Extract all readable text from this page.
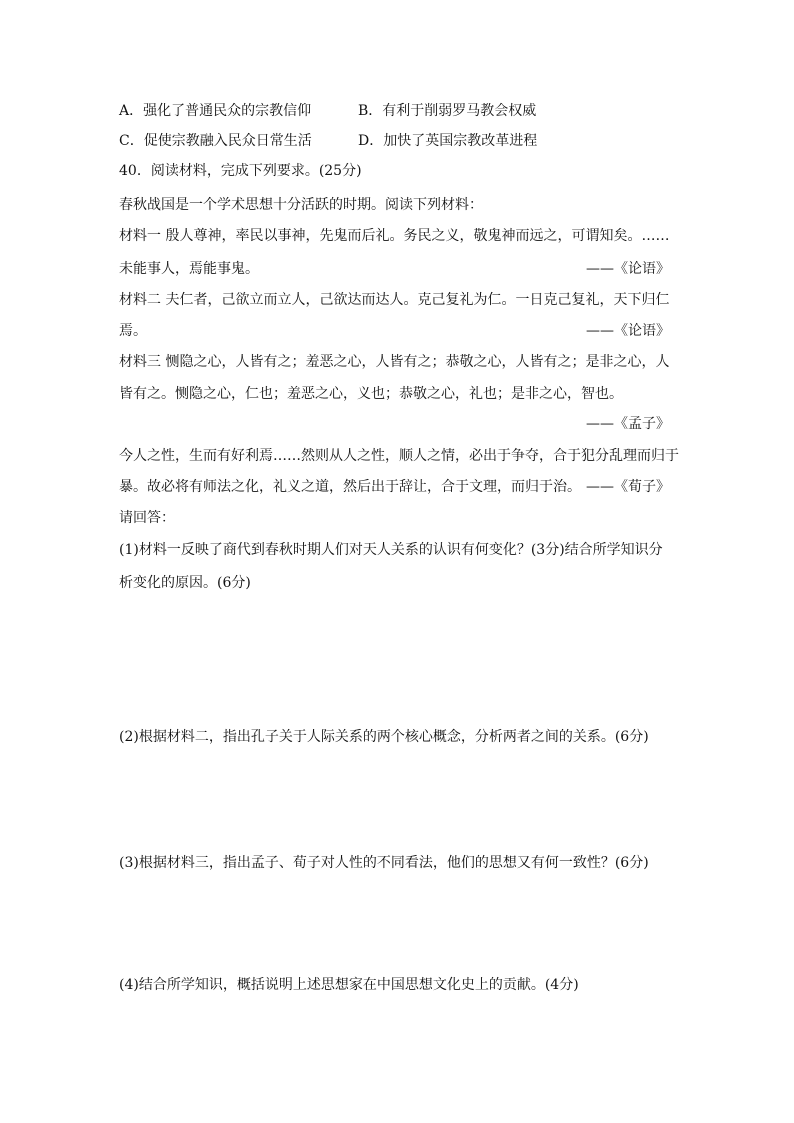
A．强化了普通民众的宗教信仰	B．有利于削弱罗马教会权威
C．促使宗教融入民众日常生活	D．加快了英国宗教改革进程
40．阅读材料，完成下列要求。(25分)
春秋战国是一个学术思想十分活跃的时期。阅读下列材料：
材料一 殷人尊神，率民以事神，先鬼而后礼。务民之义，敬鬼神而远之，可谓知矣。……
未能事人，焉能事鬼。	——《论语》
材料二 夫仁者，己欲立而立人，己欲达而达人。克己复礼为仁。一日克己复礼，天下归仁
焉。	——《论语》
材料三 恻隐之心，人皆有之；羞恶之心，人皆有之；恭敬之心，人皆有之；是非之心，人
皆有之。恻隐之心，仁也；羞恶之心，义也；恭敬之心，礼也；是非之心，智也。
——《孟子》
今人之性，生而有好利焉……然则从人之性，顺人之情，必出于争夺，合于犯分乱理而归于
暴。故必将有师法之化，礼义之道，然后出于辞让，合于文理，而归于治。 ——《荀子》
请回答：
(1)材料一反映了商代到春秋时期人们对天人关系的认识有何变化？(3分)结合所学知识分
析变化的原因。(6分)
(2)根据材料二，指出孔子关于人际关系的两个核心概念，分析两者之间的关系。(6分)
(3)根据材料三，指出孟子、荀子对人性的不同看法，他们的思想又有何一致性？(6分)
(4)结合所学知识，概括说明上述思想家在中国思想文化史上的贡献。(4分)
